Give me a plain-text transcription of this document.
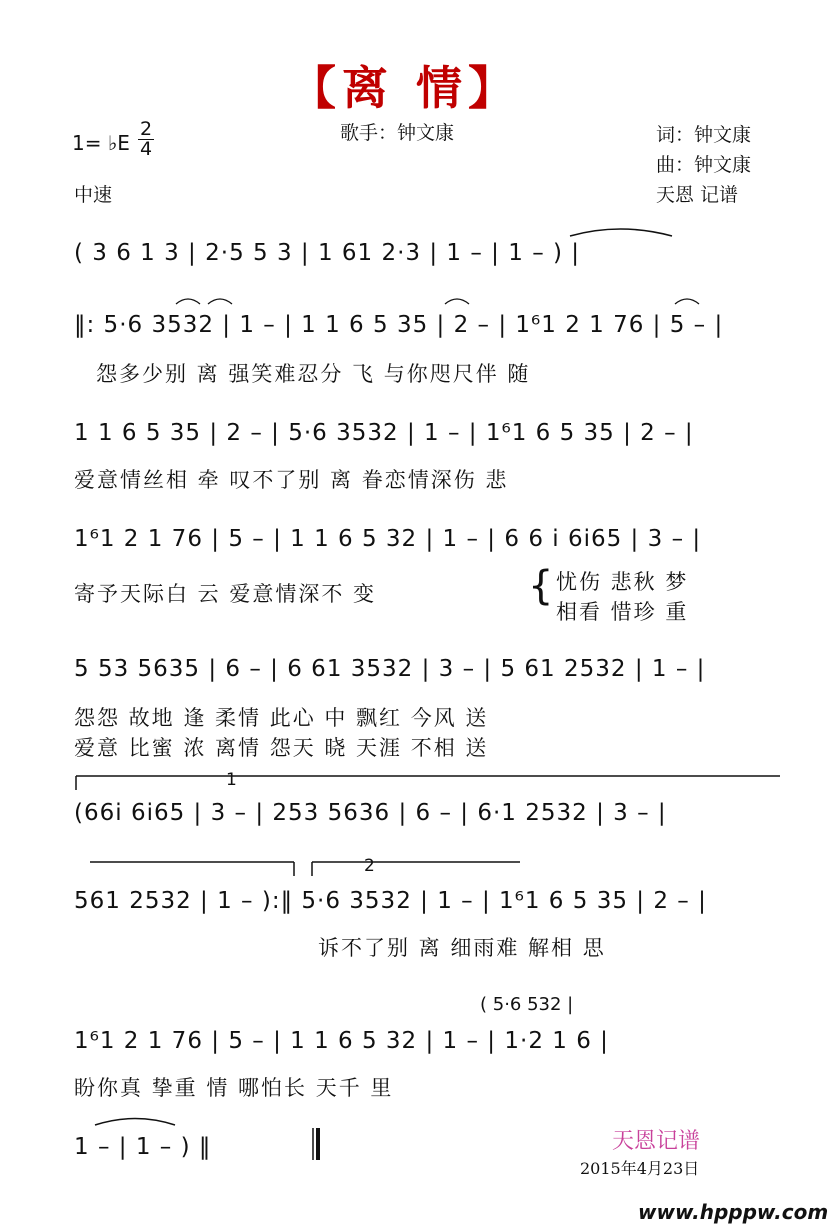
【离 情】
1= ♭E
2
4
中速
歌手：钟文康	词：钟文康
曲：钟文康
天恩 记谱
1
2
( 3 6 1 3 | 2·5 5 3 | 1 61 2·3 | 1 – | 1 – ) |
‖: 5·6 3532 | 1 – | 1 1 6 5 35 | 2 – | 1⁶1 2 1 76 | 5 – |
怨多少别 离 强笑难忍分 飞 与你咫尺伴 随
1 1 6 5 35 | 2 – | 5·6 3532 | 1 – | 1⁶1 6 5 35 | 2 – |
爱意情丝相 牵 叹不了别 离 眷恋情深伤 悲
1⁶1 2 1 76 | 5 – | 1 1 6 5 32 | 1 – | 6 6 i 6i65 | 3 – |
寄予天际白 云 爱意情深不 变	{ 忧伤 悲秋 梦
相看 惜珍 重
5 53 5635 | 6 – | 6 61 3532 | 3 – | 5 61 2532 | 1 – |
怨怨 故地 逢 柔情 此心 中 飘红 今风 送
爱意 比蜜 浓 离情 怨天 晓 天涯 不相 送
(66i 6i65 | 3 – | 253 5636 | 6 – | 6·1 2532 | 3 – |
561 2532 | 1 – ):‖ 5·6 3532 | 1 – | 1⁶1 6 5 35 | 2 – |
诉不了别 离 细雨难 解相 思
( 5·6 532 |
1⁶1 2 1 76 | 5 – | 1 1 6 5 32 | 1 – | 1·2 1 6 |
盼你真 挚重 情 哪怕长 天千 里
1 – | 1 – ) ‖	天恩记谱
2015年4月23日
www.hpppw.com
